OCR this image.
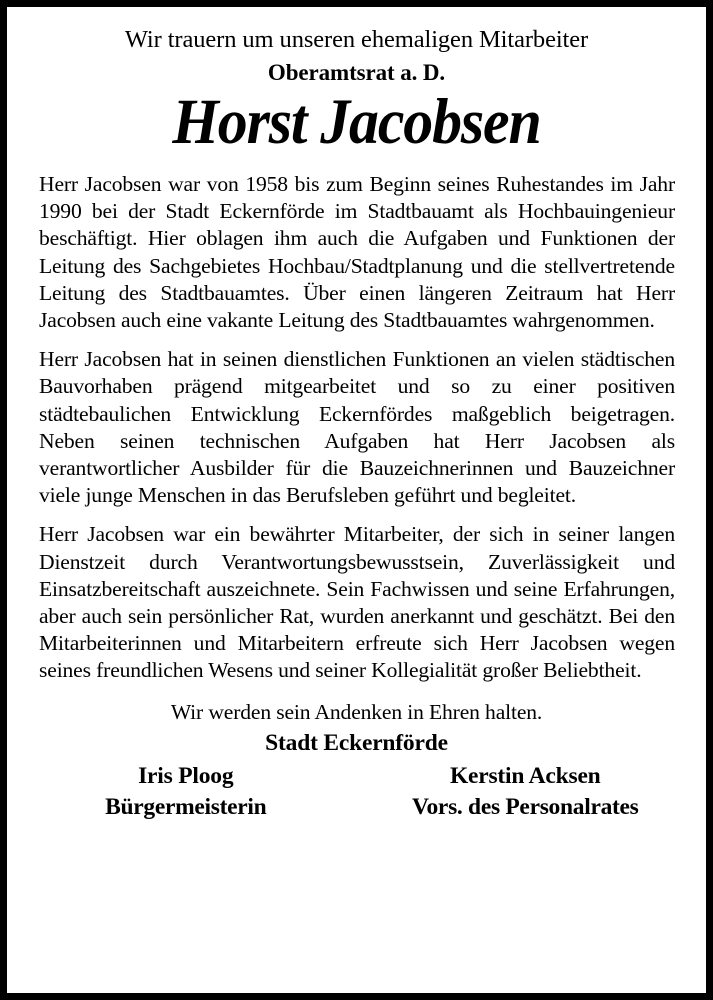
Wir trauern um unseren ehemaligen Mitarbeiter
Oberamtsrat a. D.
Horst Jacobsen

Herr Jacobsen war von 1958 bis zum Beginn seines Ruhestandes im Jahr 1990 bei der Stadt Eckernförde im Stadtbauamt als Hochbauingenieur beschäftigt. Hier oblagen ihm auch die Aufgaben und Funktionen der Leitung des Sachgebietes Hochbau/Stadtplanung und die stellvertretende Leitung des Stadtbauamtes. Über einen längeren Zeitraum hat Herr Jacobsen auch eine vakante Leitung des Stadtbauamtes wahrgenommen.

Herr Jacobsen hat in seinen dienstlichen Funktionen an vielen städtischen Bauvorhaben prägend mitgearbeitet und so zu einer positiven städtebaulichen Entwicklung Eckernfördes maßgeblich beigetragen. Neben seinen technischen Aufgaben hat Herr Jacobsen als verantwortlicher Ausbilder für die Bauzeichnerinnen und Bauzeichner viele junge Menschen in das Berufsleben geführt und begleitet.

Herr Jacobsen war ein bewährter Mitarbeiter, der sich in seiner langen Dienstzeit durch Verantwortungsbewusstsein, Zuverlässigkeit und Einsatzbereitschaft auszeichnete. Sein Fachwissen und seine Erfahrungen, aber auch sein persönlicher Rat, wurden anerkannt und geschätzt. Bei den Mitarbeiterinnen und Mitarbeitern erfreute sich Herr Jacobsen wegen seines freundlichen Wesens und seiner Kollegialität großer Beliebtheit.

Wir werden sein Andenken in Ehren halten.
Stadt Eckernförde
Iris Ploog
Bürgermeisterin
Kerstin Acksen
Vors. des Personalrates
